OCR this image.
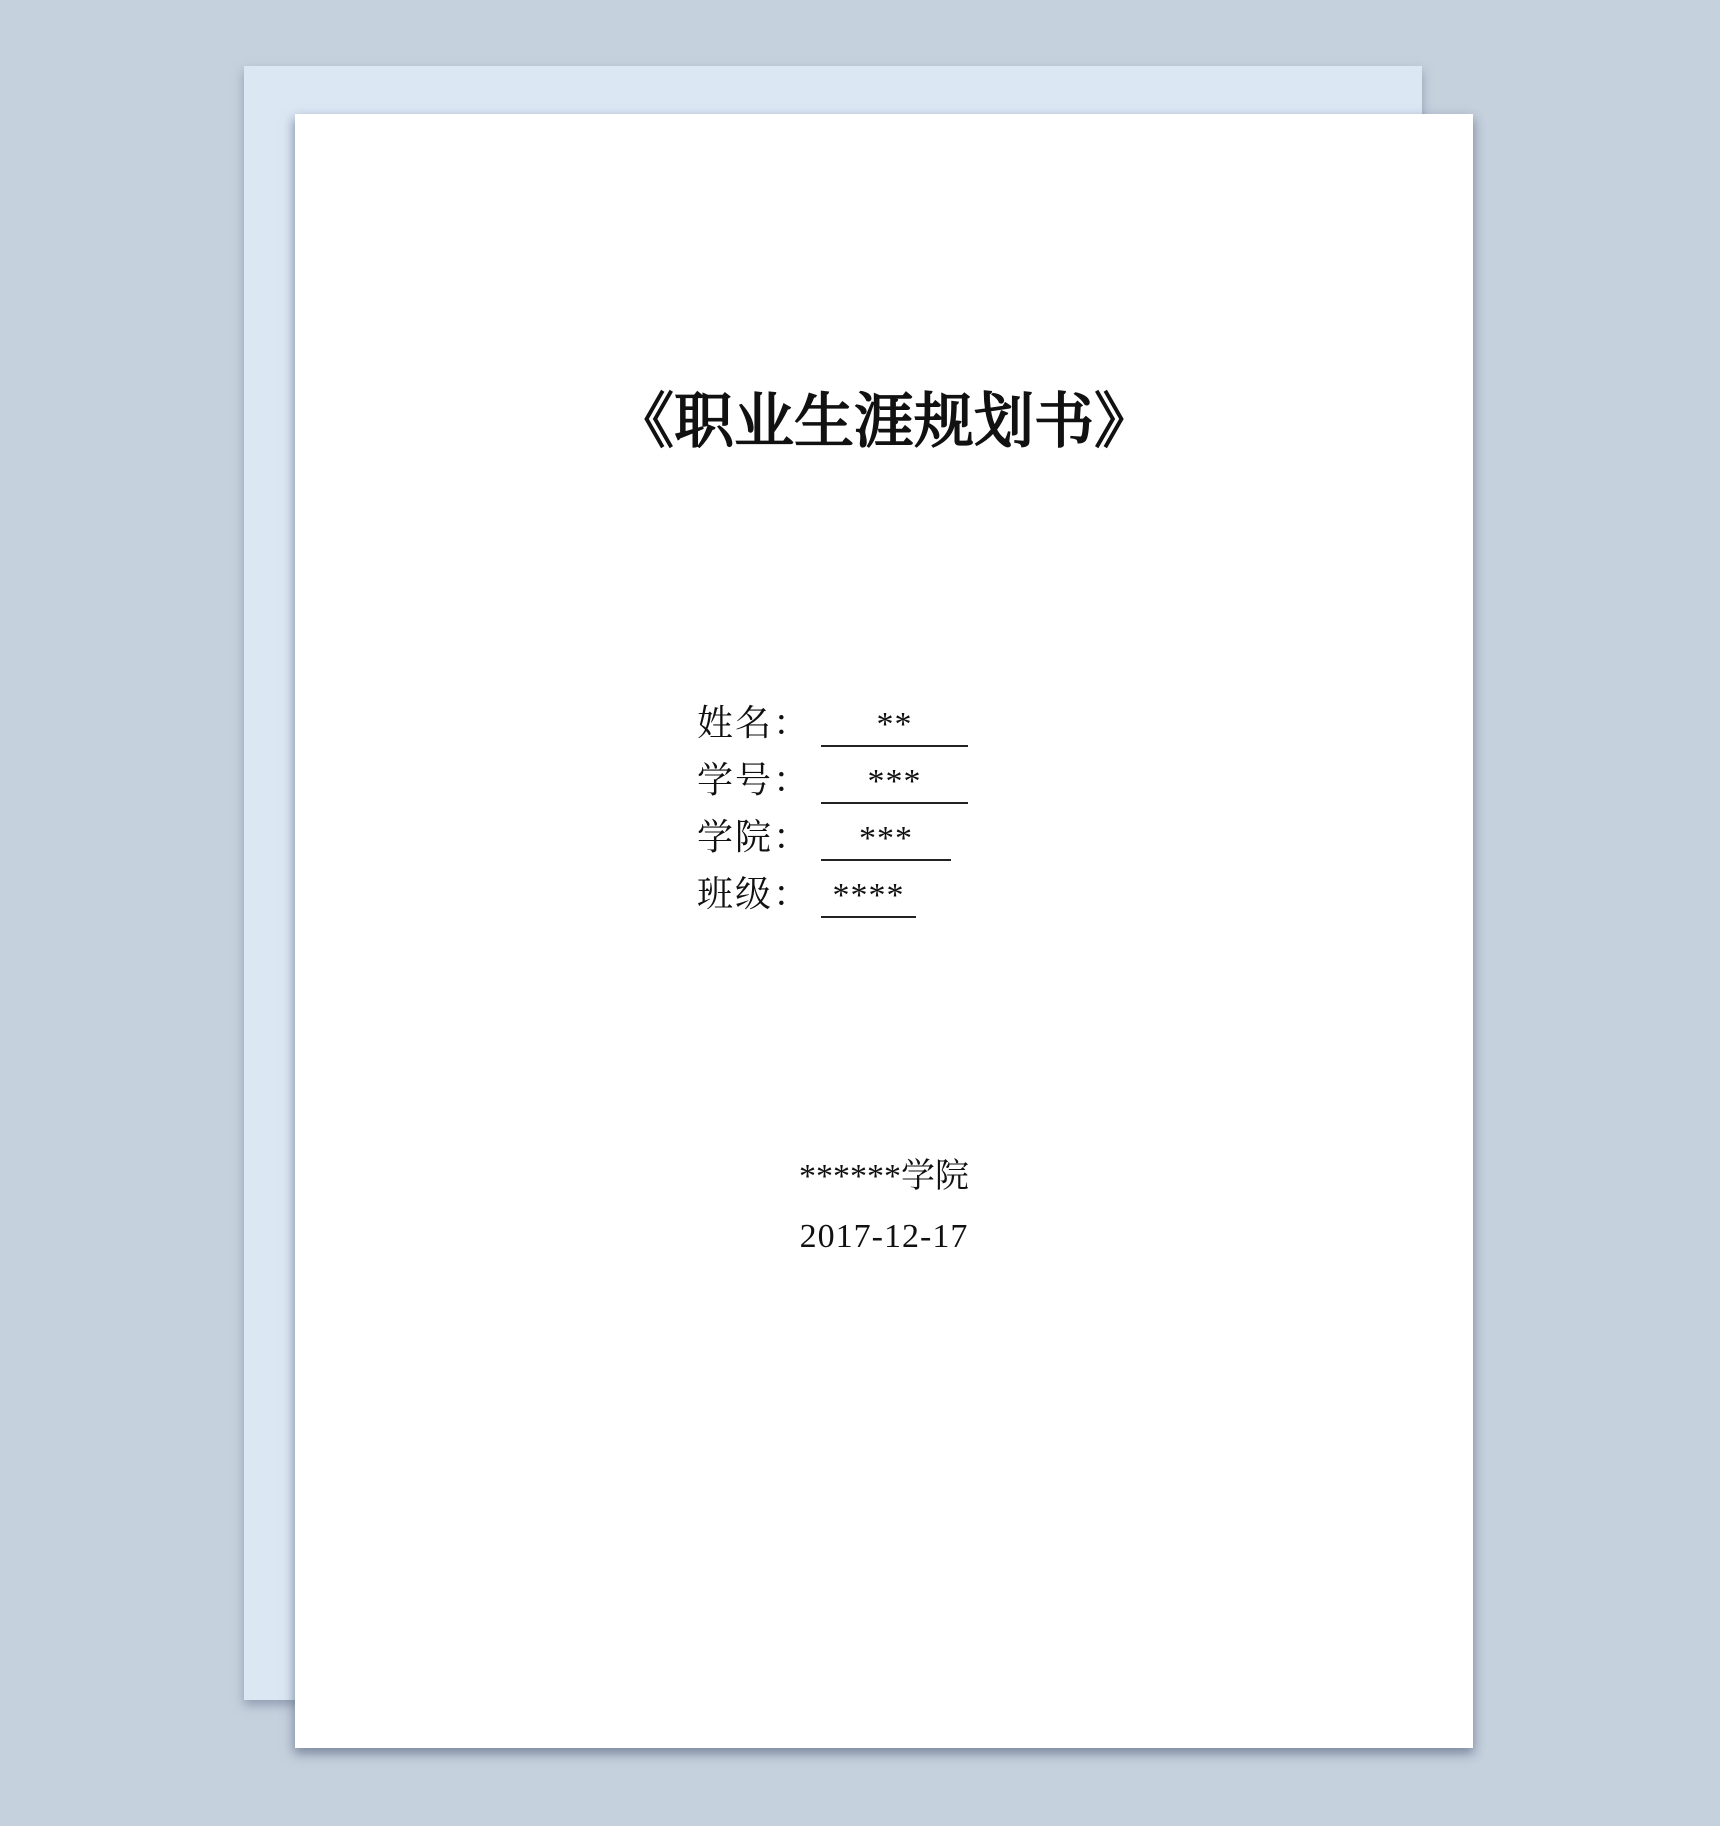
《职业生涯规划书》
姓名： **
学号： ***
学院： ***
班级： ****
******学院
2017-12-17
